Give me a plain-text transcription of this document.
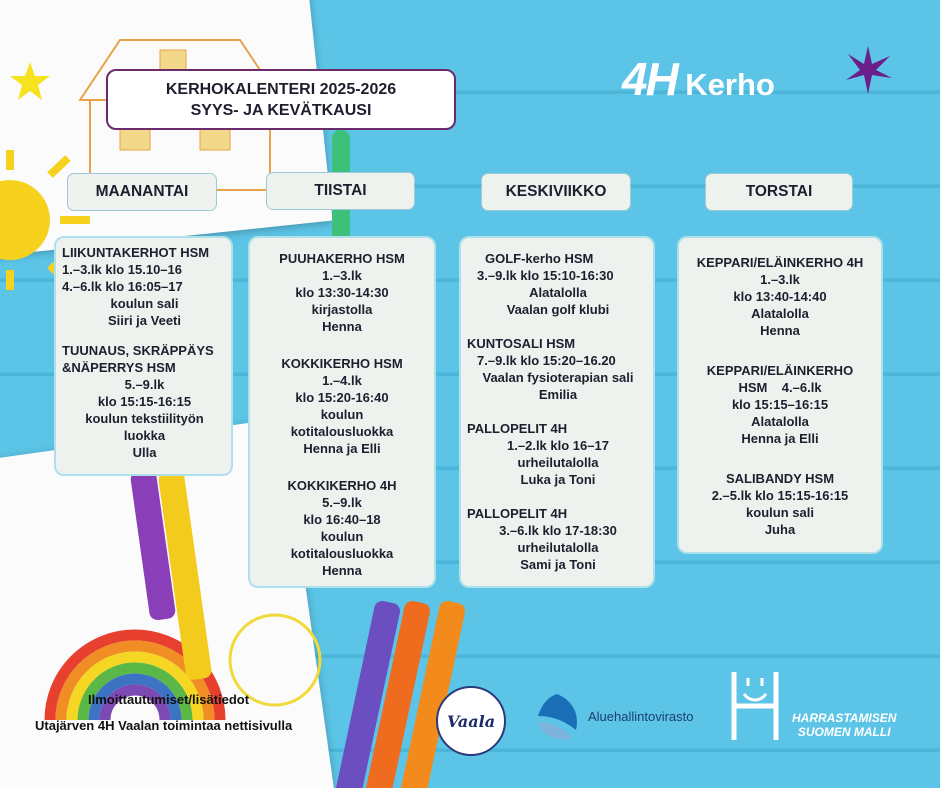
KERHOKALENTERI 2025-2026
SYYS- JA KEVÄTKAUSI
4H Kerho
MAANANTAI	TIISTAI	KESKIVIIKKO	TORSTAI
LIIKUNTAKERHOT HSM
1.–3.lk klo 15.10–16
4.–6.lk klo 16:05–17
koulun sali
Siiri ja Veeti
TUUNAUS, SKRÄPPÄYS
&NÄPERRYS HSM
5.–9.lk
klo 15:15-16:15
koulun tekstiilityön
luokka
Ulla
PUUHAKERHO HSM
1.–3.lk
klo 13:30-14:30
kirjastolla
Henna
KOKKIKERHO HSM
1.–4.lk
klo 15:20-16:40
koulun
kotitalousluokka
Henna ja Elli
KOKKIKERHO 4H
5.–9.lk
klo 16:40–18
koulun
kotitalousluokka
Henna
GOLF-kerho HSM
3.–9.lk klo 15:10-16:30
Alatalolla
Vaalan golf klubi
KUNTOSALI HSM
7.–9.lk klo 15:20–16.20
Vaalan fysioterapian sali
Emilia
PALLOPELIT 4H
1.–2.lk klo 16–17
urheilutalolla
Luka ja Toni
PALLOPELIT 4H
3.–6.lk klo 17-18:30
urheilutalolla
Sami ja Toni
KEPPARI/ELÄINKERHO 4H
1.–3.lk
klo 13:40-14:40
Alatalolla
Henna
KEPPARI/ELÄINKERHO
HSM    4.–6.lk
klo 15:15–16:15
Alatalolla
Henna ja Elli
SALIBANDY HSM
2.–5.lk klo 15:15-16:15
koulun sali
Juha
Ilmoittautumiset/lisätiedot
Utajärven 4H Vaalan toimintaa nettisivulla	Vaala	Aluehallintovirasto	HARRASTAMISEN
SUOMEN MALLI
